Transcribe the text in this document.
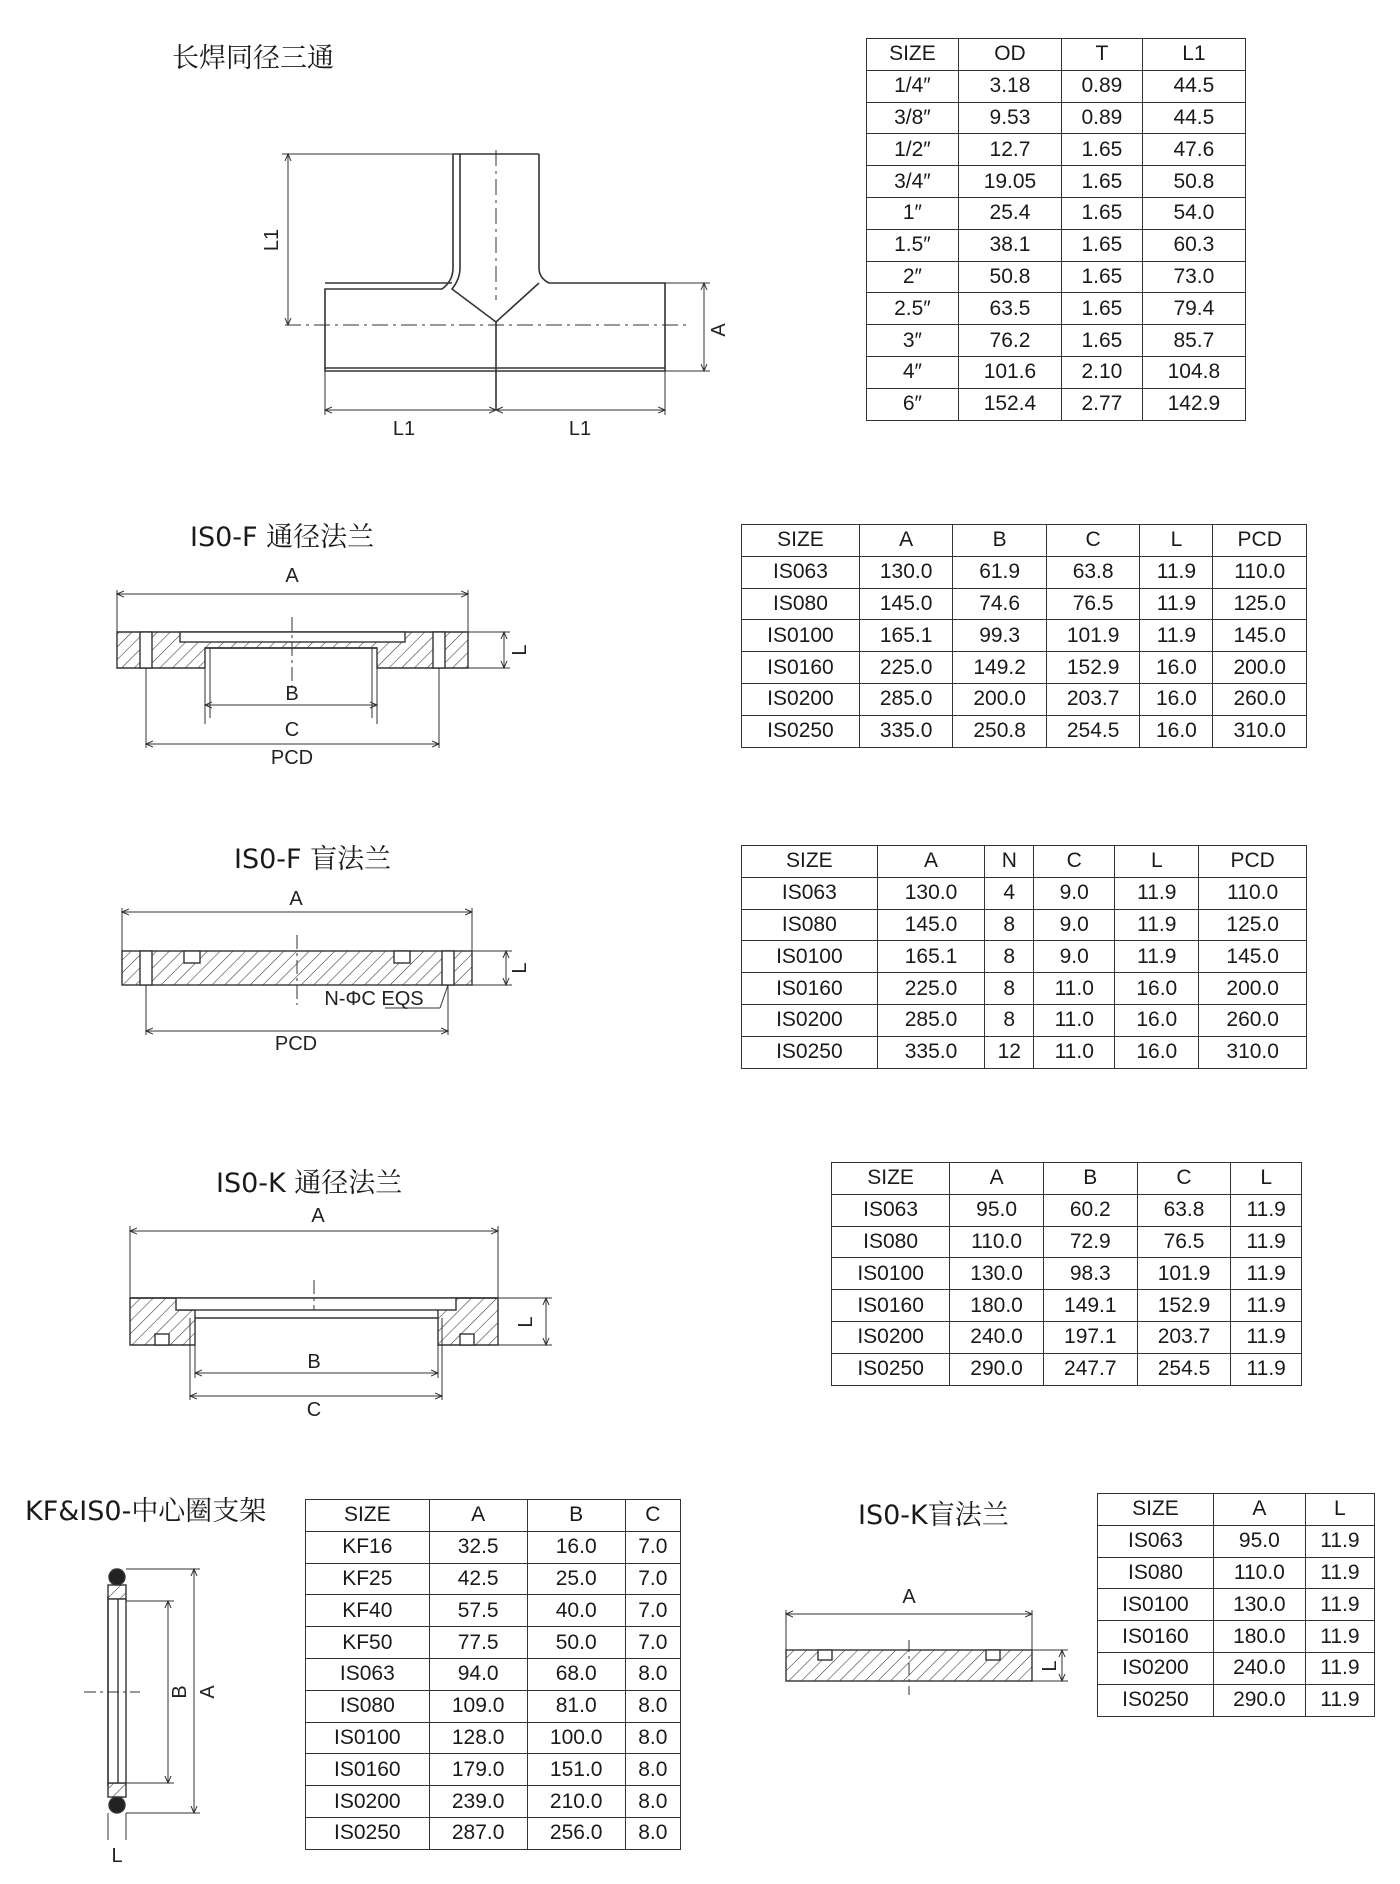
长焊同径三通
L1
A
L1	L1
SIZE	OD	T	L1
1/4″	3.18	0.89	44.5
3/8″	9.53	0.89	44.5
1/2″	12.7	1.65	47.6
3/4″	19.05	1.65	50.8
1″	25.4	1.65	54.0
1.5″	38.1	1.65	60.3
2″	50.8	1.65	73.0
2.5″	63.5	1.65	79.4
3″	76.2	1.65	85.7
4″	101.6	2.10	104.8
6″	152.4	2.77	142.9
IS0-F 通径法兰
A
B
C
PCD
L
SIZE	A	B	C	L	PCD
IS063	130.0	61.9	63.8	11.9	110.0
IS080	145.0	74.6	76.5	11.9	125.0
IS0100	165.1	99.3	101.9	11.9	145.0
IS0160	225.0	149.2	152.9	16.0	200.0
IS0200	285.0	200.0	203.7	16.0	260.0
IS0250	335.0	250.8	254.5	16.0	310.0
IS0-F 盲法兰
A
N-ΦC EQS
PCD
L
SIZE	A	N	C	L	PCD
IS063	130.0	4	9.0	11.9	110.0
IS080	145.0	8	9.0	11.9	125.0
IS0100	165.1	8	9.0	11.9	145.0
IS0160	225.0	8	11.0	16.0	200.0
IS0200	285.0	8	11.0	16.0	260.0
IS0250	335.0	12	11.0	16.0	310.0
IS0-K 通径法兰
A
B
C
L
SIZE	A	B	C	L
IS063	95.0	60.2	63.8	11.9
IS080	110.0	72.9	76.5	11.9
IS0100	130.0	98.3	101.9	11.9
IS0160	180.0	149.1	152.9	11.9
IS0200	240.0	197.1	203.7	11.9
IS0250	290.0	247.7	254.5	11.9
KF&IS0-中心圈支架
B A
L
SIZE	A	B	C
KF16	32.5	16.0	7.0
KF25	42.5	25.0	7.0
KF40	57.5	40.0	7.0
KF50	77.5	50.0	7.0
IS063	94.0	68.0	8.0
IS080	109.0	81.0	8.0
IS0100	128.0	100.0	8.0
IS0160	179.0	151.0	8.0
IS0200	239.0	210.0	8.0
IS0250	287.0	256.0	8.0
IS0-K盲法兰
A
L
SIZE	A	L
IS063	95.0	11.9
IS080	110.0	11.9
IS0100	130.0	11.9
IS0160	180.0	11.9
IS0200	240.0	11.9
IS0250	290.0	11.9
